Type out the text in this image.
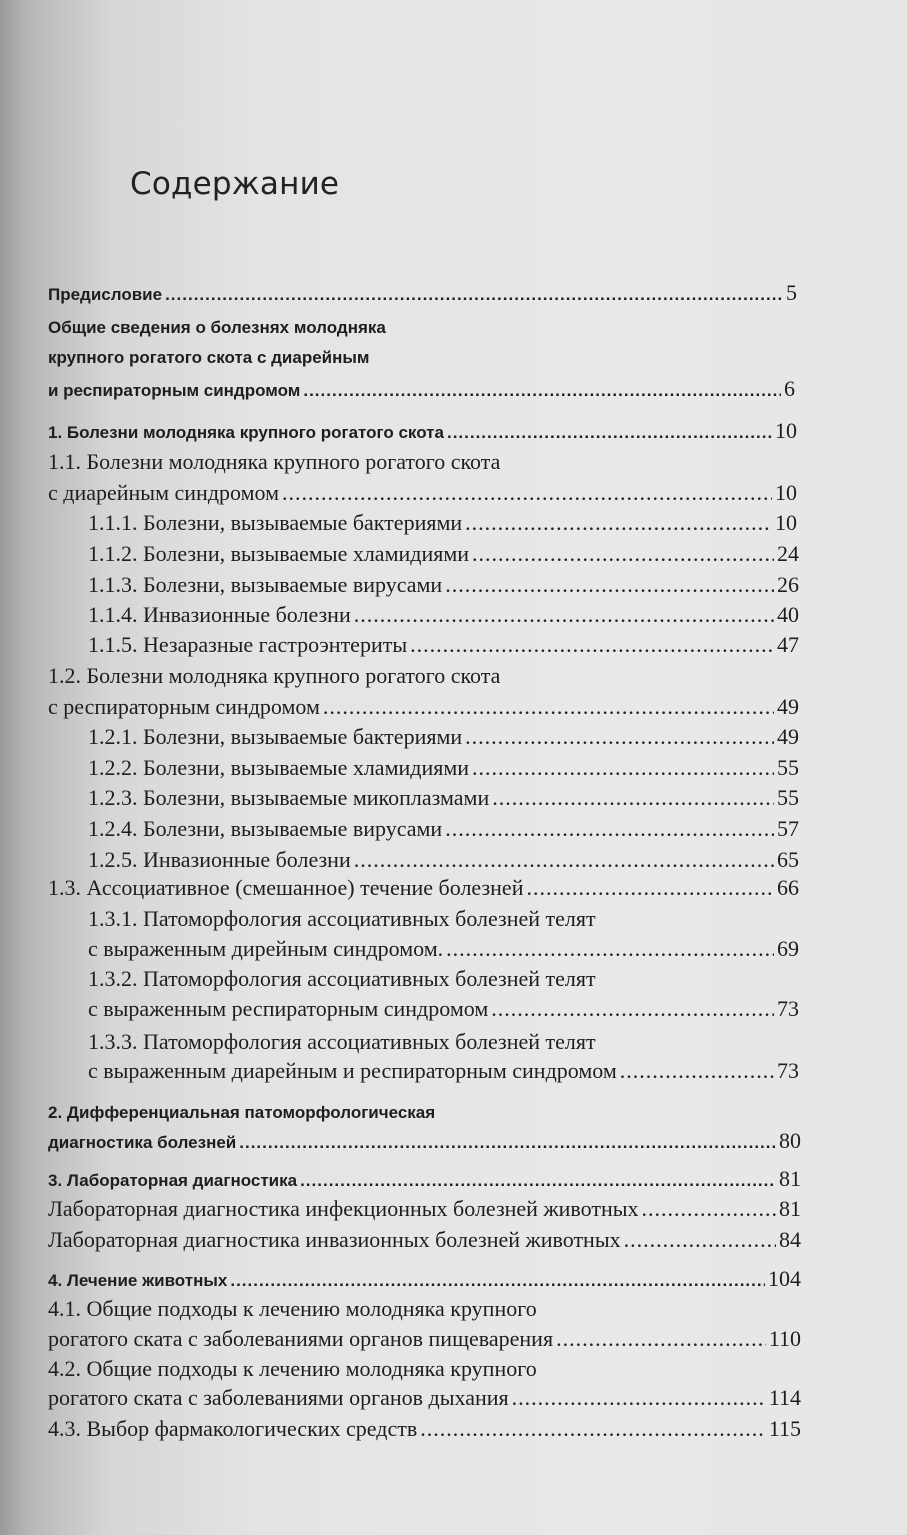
Содержание
Предисловие .....	5
Общие сведения о болезнях молодняка
крупного рогатого скота с диарейным
и респираторным синдромом .....	6
1. Болезни молодняка крупного рогатого скота .....	10
1.1. Болезни молодняка крупного рогатого скота
с диарейным синдромом .....	10
1.1.1. Болезни, вызываемые бактериями .....	10
1.1.2. Болезни, вызываемые хламидиями .....	24
1.1.3. Болезни, вызываемые вирусами .....	26
1.1.4. Инвазионные болезни .....	40
1.1.5. Незаразные гастроэнтериты .....	47
1.2. Болезни молодняка крупного рогатого скота
с респираторным синдромом .....	49
1.2.1. Болезни, вызываемые бактериями .....	49
1.2.2. Болезни, вызываемые хламидиями .....	55
1.2.3. Болезни, вызываемые микоплазмами .....	55
1.2.4. Болезни, вызываемые вирусами .....	57
1.2.5. Инвазионные болезни .....	65
1.3. Ассоциативное (смешанное) течение болезней .....	66
1.3.1. Патоморфология ассоциативных болезней телят
с выраженным дирейным синдромом. .....	69
1.3.2. Патоморфология ассоциативных болезней телят
с выраженным респираторным синдромом .....	73
1.3.3. Патоморфология ассоциативных болезней телят
с выраженным диарейным и респираторным синдромом .....	73
2. Дифференциальная патоморфологическая
диагностика болезней .....	80
3. Лабораторная диагностика .....	81
Лабораторная диагностика инфекционных болезней животных .....	81
Лабораторная диагностика инвазионных болезней животных .....	84
4. Лечение животных .....	104
4.1. Общие подходы к лечению молодняка крупного
рогатого ската с заболеваниями органов пищеварения .....	110
4.2. Общие подходы к лечению молодняка крупного
рогатого ската с заболеваниями органов дыхания .....	114
4.3. Выбор фармакологических средств .....	115
